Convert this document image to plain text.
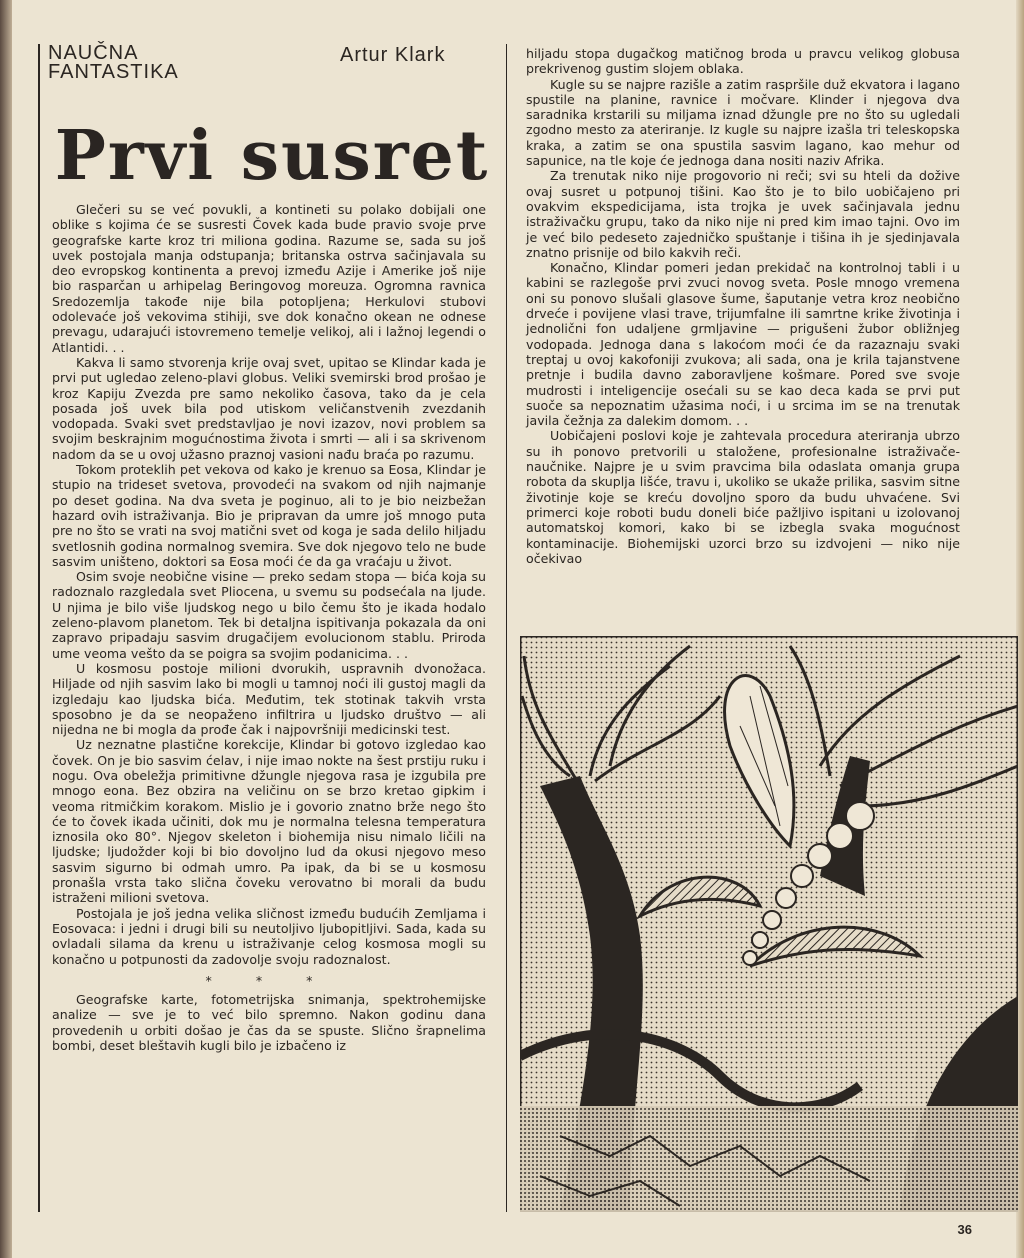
NAUČNA
FANTASTIKA
Artur Klark
Prvi susret

Glečeri su se već povukli, a kontineti su polako dobijali one oblike s kojima će se susresti Čovek kada bude pravio svoje prve geografske karte kroz tri miliona godina. Razume se, sada su još uvek postojala manja odstupanja; britanska ostrva sačinjavala su deo evropskog kontinenta a prevoj između Azije i Amerike još nije bio rasparčan u arhipelag Beringovog moreuza. Ogromna ravnica Sredozemlja takođe nije bila potopljena; Herkulovi stubovi odolevaće još vekovima stihiji, sve dok konačno okean ne odnese prevagu, udarajući istovremeno temelje velikoj, ali i lažnoj legendi o Atlantidi. . .

Kakva li samo stvorenja krije ovaj svet, upitao se Klindar kada je prvi put ugledao zeleno-plavi globus. Veliki svemirski brod prošao je kroz Kapiju Zvezda pre samo nekoliko časova, tako da je cela posada još uvek bila pod utiskom veličanstvenih zvezdanih vodopada. Svaki svet predstavljao je novi izazov, novi problem sa svojim beskrajnim mogućnostima života i smrti — ali i sa skrivenom nadom da se u ovoj užasno praznoj vasioni nađu braća po razumu.

Tokom proteklih pet vekova od kako je krenuo sa Eosa, Klindar je stupio na trideset svetova, provodeći na svakom od njih najmanje po deset godina. Na dva sveta je poginuo, ali to je bio neizbežan hazard ovih istraživanja. Bio je pripravan da umre još mnogo puta pre no što se vrati na svoj matični svet od koga je sada delilo hiljadu svetlosnih godina normalnog svemira. Sve dok njegovo telo ne bude sasvim uništeno, doktori sa Eosa moći će da ga vraćaju u život.

Osim svoje neobične visine — preko sedam stopa — bića koja su radoznalo razgledala svet Pliocena, u svemu su podsećala na ljude. U njima je bilo više ljudskog nego u bilo čemu što je ikada hodalo zeleno-plavom planetom. Tek bi detaljna ispitivanja pokazala da oni zapravo pripadaju sasvim drugačijem evolucionom stablu. Priroda ume veoma vešto da se poigra sa svojim podanicima. . .

U kosmosu postoje milioni dvorukih, uspravnih dvonožaca. Hiljade od njih sasvim lako bi mogli u tamnoj noći ili gustoj magli da izgledaju kao ljudska bića. Međutim, tek stotinak takvih vrsta sposobno je da se neopaženo infiltrira u ljudsko društvo — ali nijedna ne bi mogla da prođe čak i najpovršniji medicinski test.

Uz neznatne plastične korekcije, Klindar bi gotovo izgledao kao čovek. On je bio sasvim ćelav, i nije imao nokte na šest prstiju ruku i nogu. Ova obeležja primitivne džungle njegova rasa je izgubila pre mnogo eona. Bez obzira na veličinu on se brzo kretao gipkim i veoma ritmičkim korakom. Mislio je i govorio znatno brže nego što će to čovek ikada učiniti, dok mu je normalna telesna temperatura iznosila oko 80°. Njegov skeleton i biohemija nisu nimalo ličili na ljudske; ljudožder koji bi bio dovoljno lud da okusi njegovo meso sasvim sigurno bi odmah umro. Pa ipak, da bi se u kosmosu pronašla vrsta tako slična čoveku verovatno bi morali da budu istraženi milioni svetova.

Postojala je još jedna velika sličnost između budućih Zemljama i Eosovaca: i jedni i drugi bili su neutoljivo ljubopitljivi. Sada, kada su ovladali silama da krenu u istraživanje celog kosmosa mogli su konačno u potpunosti da zadovolje svoju radoznalost.

* * *

Geografske karte, fotometrijska snimanja, spektrohemijske analize — sve je to već bilo spremno. Nakon godinu dana provedenih u orbiti došao je čas da se spuste. Slično šrapnelima bombi, deset bleštavih kugli bilo je izbačeno iz

hiljadu stopa dugačkog matičnog broda u pravcu velikog globusa prekrivenog gustim slojem oblaka.

Kugle su se najpre razišle a zatim raspršile duž ekvatora i lagano spustile na planine, ravnice i močvare. Klinder i njegova dva saradnika krstarili su miljama iznad džungle pre no što su ugledali zgodno mesto za ateriranje. Iz kugle su najpre izašla tri teleskopska kraka, a zatim se ona spustila sasvim lagano, kao mehur od sapunice, na tle koje će jednoga dana nositi naziv Afrika.

Za trenutak niko nije progovorio ni reči; svi su hteli da dožive ovaj susret u potpunoj tišini. Kao što je to bilo uobičajeno pri ovakvim ekspedicijama, ista trojka je uvek sačinjavala jednu istraživačku grupu, tako da niko nije ni pred kim imao tajni. Ovo im je već bilo pedeseto zajedničko spuštanje i tišina ih je sjedinjavala znatno prisnije od bilo kakvih reči.

Konačno, Klindar pomeri jedan prekidač na kontrolnoj tabli i u kabini se razlegoše prvi zvuci novog sveta. Posle mnogo vremena oni su ponovo slušali glasove šume, šaputanje vetra kroz neobično drveće i povijene vlasi trave, trijumfalne ili samrtne krike životinja i jednolični fon udaljene grmljavine — prigušeni žubor obližnjeg vodopada. Jednoga dana s lakoćom moći će da razaznaju svaki treptaj u ovoj kakofoniji zvukova; ali sada, ona je krila tajanstvene pretnje i budila davno zaboravljene košmare. Pored sve svoje mudrosti i inteligencije osećali su se kao deca kada se prvi put suoče sa nepoznatim užasima noći, i u srcima im se na trenutak javila čežnja za dalekim domom. . .

Uobičajeni poslovi koje je zahtevala procedura ateriranja ubrzo su ih ponovo pretvorili u staložene, profesionalne istraživače-naučnike. Najpre je u svim pravcima bila odaslata omanja grupa robota da skuplja lišće, travu i, ukoliko se ukaže prilika, sasvim sitne životinje koje se kreću dovoljno sporo da budu uhvaćene. Svi primerci koje roboti budu doneli biće pažljivo ispitani u izolovanoj automatskoj komori, kako bi se izbegla svaka mogućnost kontaminacije. Biohemijski uzorci brzo su izdvojeni — niko nije očekivao

36
